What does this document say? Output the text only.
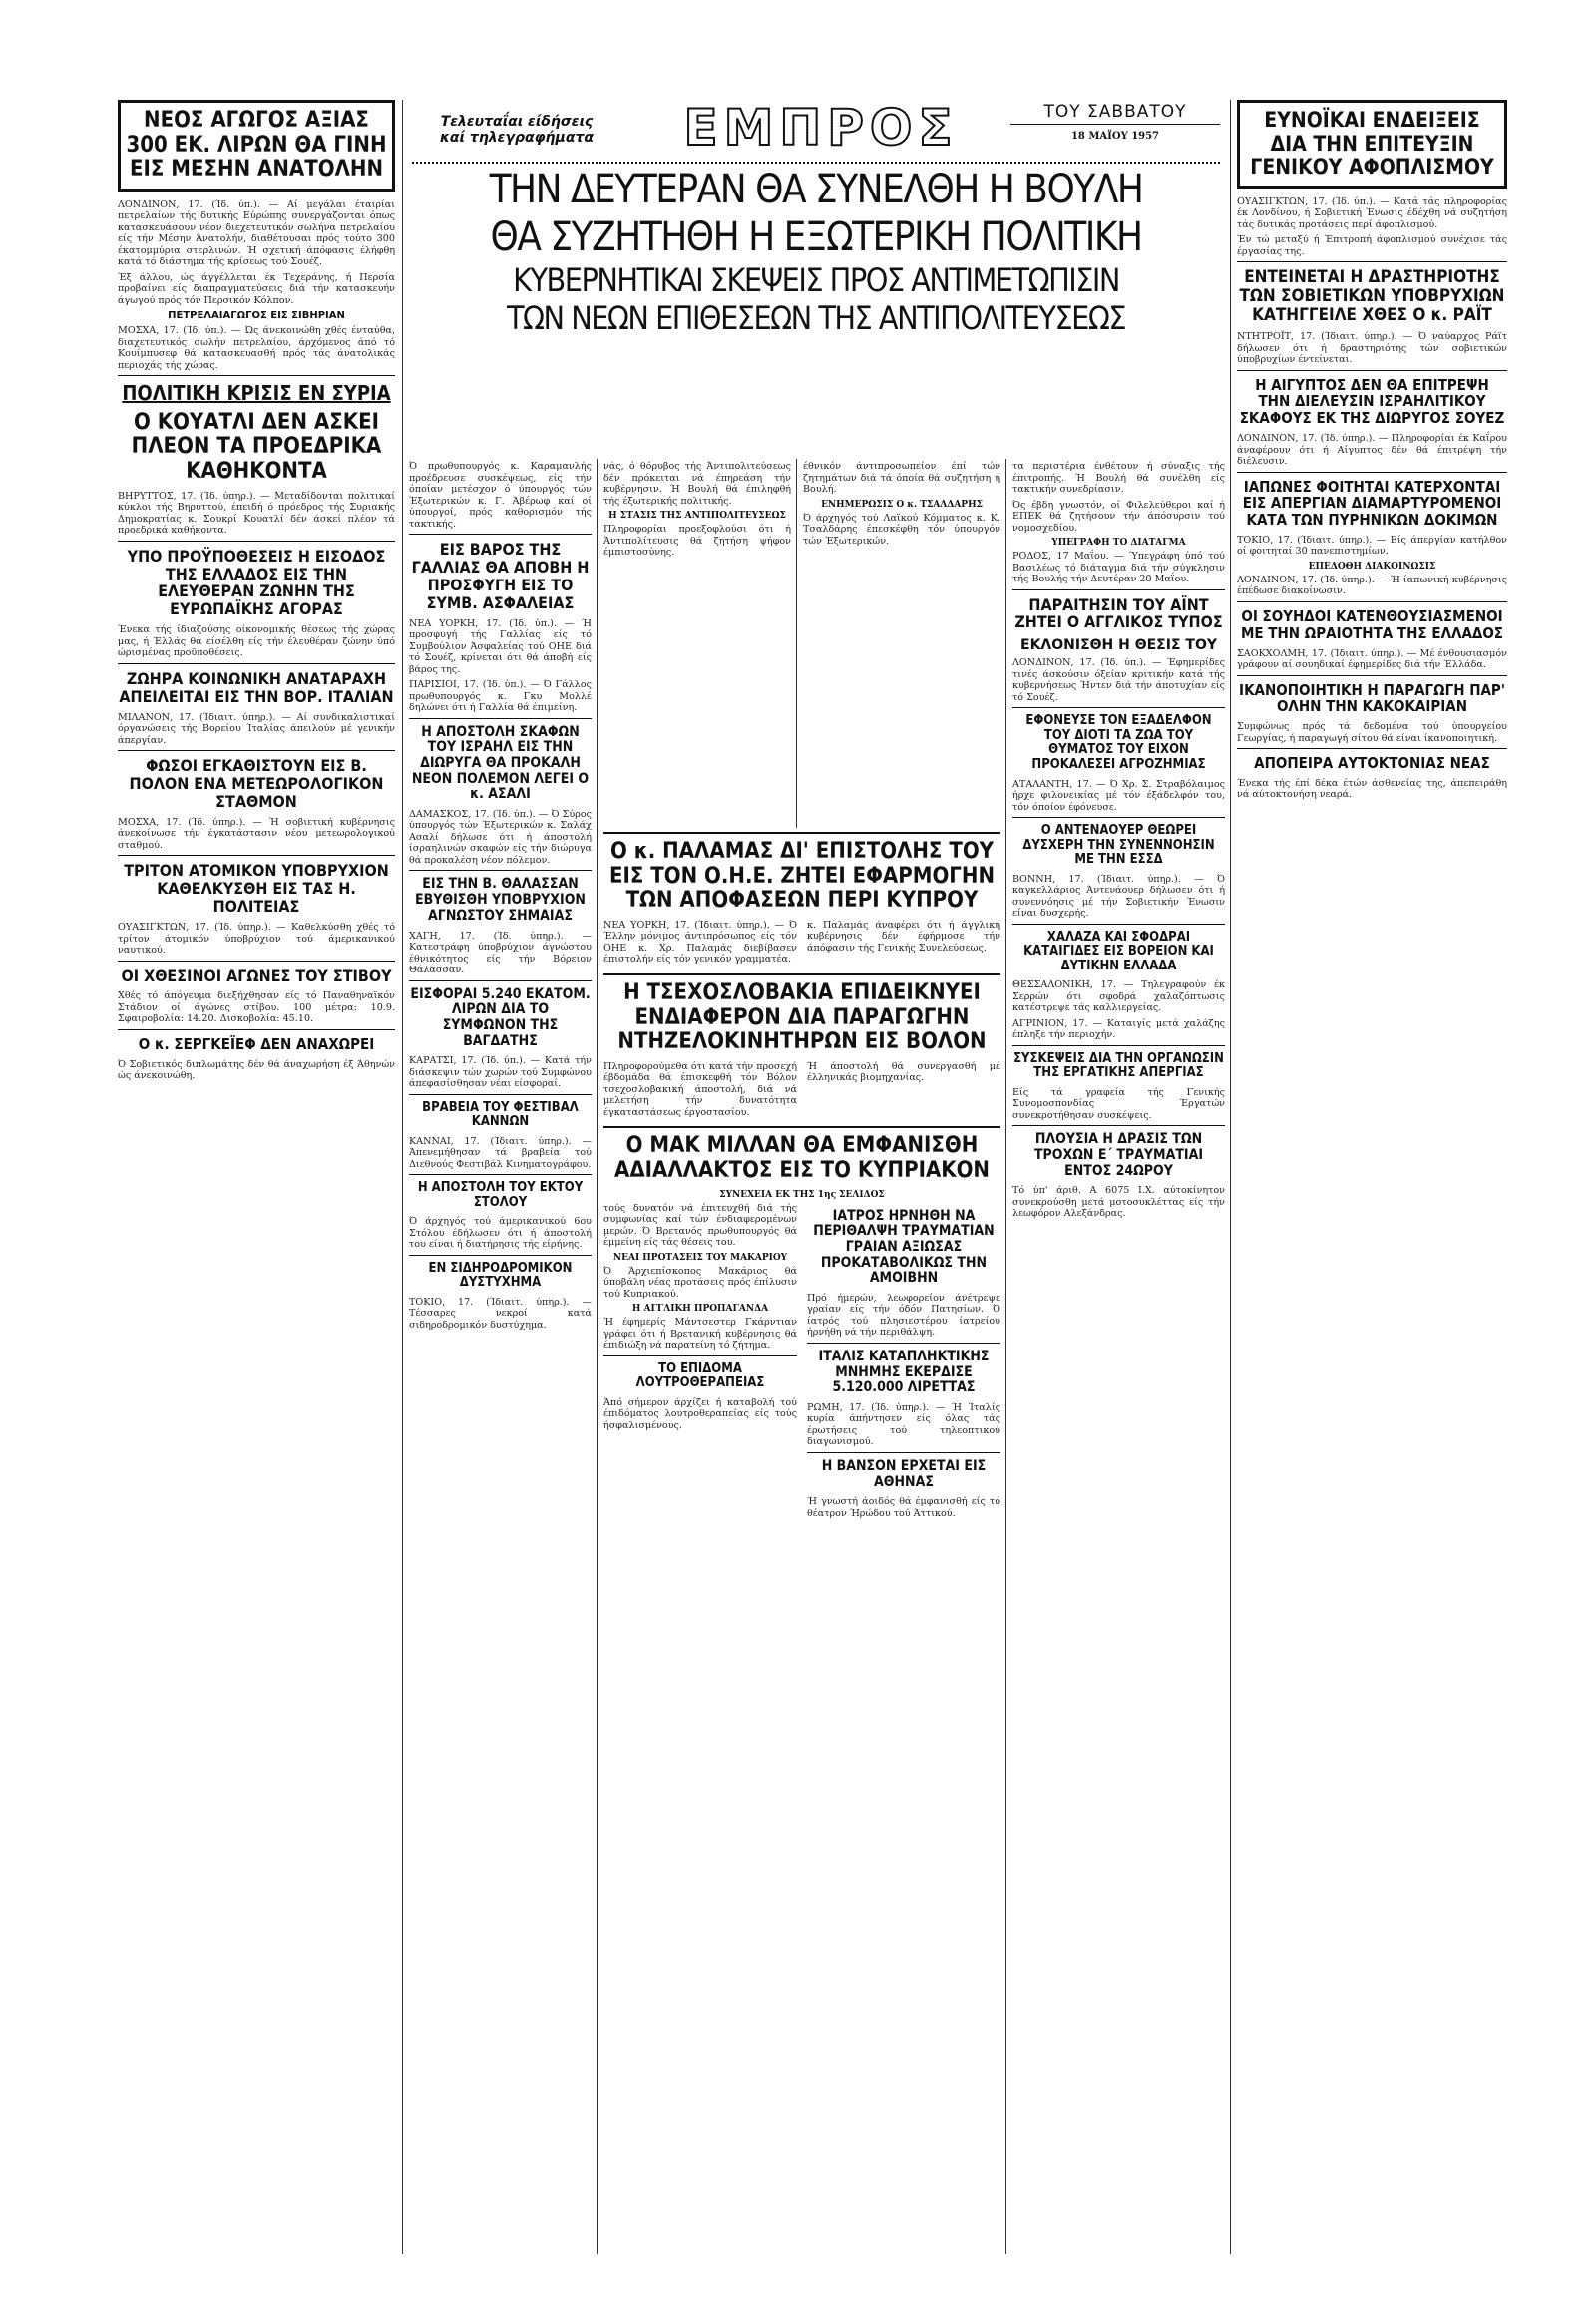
Τελευταΐαι είδήσεις
καί τηλεγραφήματα	ΕΜΠΡΟΣ	ΤΟΥ ΣΑΒΒΑΤΟΥ
18 ΜΑΪΟΥ 1957
ΤΗΝ ΔΕΥΤΕΡΑΝ ΘΑ ΣΥΝΕΛΘΗ Η ΒΟΥΛΗ
ΘΑ ΣΥΖΗΤΗΘΗ Η ΕΞΩΤΕΡΙΚΗ ΠΟΛΙΤΙΚΗ
ΚΥΒΕΡΝΗΤΙΚΑΙ ΣΚΕΨΕΙΣ ΠΡΟΣ ΑΝΤΙΜΕΤΩΠΙΣΙΝ
ΤΩΝ ΝΕΩΝ ΕΠΙΘΕΣΕΩΝ ΤΗΣ ΑΝΤΙΠΟΛΙΤΕΥΣΕΩΣ
ΝΕΟΣ ΑΓΩΓΟΣ ΑΞΙΑΣ 300 ΕΚ. ΛΙΡΩΝ ΘΑ ΓΙΝΗ ΕΙΣ ΜΕΣΗΝ ΑΝΑΤΟΛΗΝ

ΛΟΝΔΙΝΟΝ, 17. (Ίδ. ύπ.). — Αί μεγάλαι έταιρίαι πετρελαίων τής δυτικής Εύρώπης συνεργάζονται όπως κατασκευάσουν νέον διεχετευτικόν σωλήνα πετρελαίου είς τήν Μέσην Άνατολήν, διαθέτουσαι πρός τούτο 300 έκατομμύρια στερλινών. Ή σχετική άπόφασις έλήφθη κατά τό διάστημα τής κρίσεως τού Σουέζ.

Έξ άλλου, ώς άγγέλλεται έκ Τεχεράνης, ή Περσία προβαίνει είς διαπραγματεύσεις διά τήν κατασκευήν άγωγού πρός τόν Περσικόν Κόλπον.

ΠΕΤΡΕΛΑΙΑΓΩΓΟΣ ΕΙΣ ΣΙΒΗΡΙΑΝ

ΜΟΣΧΑ, 17. (Ίδ. ύπ.). — Ώς άνεκοινώθη χθές ένταύθα, διαχετευτικός σωλήν πετρελαίου, άρχόμενος άπό τό Κουίμπυσεφ θά κατασκευασθή πρός τάς άνατολικάς περιοχάς τής χώρας.

ΠΟΛΙΤΙΚΗ ΚΡΙΣΙΣ ΕΝ ΣΥΡΙΑ
Ο ΚΟΥΑΤΛΙ ΔΕΝ ΑΣΚΕΙ ΠΛΕΟΝ ΤΑ ΠΡΟΕΔΡΙΚΑ ΚΑΘΗΚΟΝΤΑ

ΒΗΡΥΤΤΟΣ, 17. (Ίδ. ύπηρ.). — Μεταδίδονται πολιτικαί κύκλοι τής Βηρυττού, έπειδή ό πρόεδρος τής Συριακής Δημοκρατίας κ. Σουκρί Κουατλί δέν άσκεί πλέον τά προεδρικά καθήκοντα.

ΥΠΟ ΠΡΟΫΠΟΘΕΣΕΙΣ Η ΕΙΣΟΔΟΣ ΤΗΣ ΕΛΛΑΔΟΣ ΕΙΣ ΤΗΝ ΕΛΕΥΘΕΡΑΝ ΖΩΝΗΝ ΤΗΣ ΕΥΡΩΠΑΪΚΗΣ ΑΓΟΡΑΣ

Ένεκα τής ίδιαζούσης οίκονομικής θέσεως τής χώρας μας, ή Έλλάς θά είσέλθη είς τήν έλευθέραν ζώνην ύπό ώρισμένας προϋποθέσεις.

ΖΩΗΡΑ ΚΟΙΝΩΝΙΚΗ ΑΝΑΤΑΡΑΧΗ ΑΠΕΙΛΕΙΤΑΙ ΕΙΣ ΤΗΝ ΒΟΡ. ΙΤΑΛΙΑΝ

ΜΙΛΑΝΟΝ, 17. (Ίδιαιτ. ύπηρ.). — Αί συνδικαλιστικαί όργανώσεις τής Βορείου Ίταλίας άπειλούν μέ γενικήν άπεργίαν.

ΦΩΣΟΙ ΕΓΚΑΘΙΣΤΟΥΝ ΕΙΣ Β. ΠΟΛΟΝ ΕΝΑ ΜΕΤΕΩΡΟΛΟΓΙΚΟΝ ΣΤΑΘΜΟΝ

ΜΟΣΧΑ, 17. (Ίδ. ύπηρ.). — Ή σοβιετική κυβέρνησις άνεκοίνωσε τήν έγκατάστασιν νέου μετεωρολογικού σταθμού.

ΤΡΙΤΟΝ ΑΤΟΜΙΚΟΝ ΥΠΟΒΡΥΧΙΟΝ ΚΑΘΕΛΚΥΣΘΗ ΕΙΣ ΤΑΣ Η. ΠΟΛΙΤΕΙΑΣ

ΟΥΑΣΙΓΚΤΩΝ, 17. (Ίδ. ύπηρ.). — Καθελκύσθη χθές τό τρίτον άτομικόν ύποβρύχιον τού άμερικανικού ναυτικού.

ΟΙ ΧΘΕΣΙΝΟΙ ΑΓΩΝΕΣ ΤΟΥ ΣΤΙΒΟΥ

Χθές τό άπόγευμα διεξήχθησαν είς τό Παναθηναϊκόν Στάδιον οί άγώνες στίβου. 100 μέτρα: 10.9. Σφαιροβολία: 14.20. Δισκοβολία: 45.10.

Ο κ. ΣΕΡΓΚΕΪΕΦ ΔΕΝ ΑΝΑΧΩΡΕΙ

Ό Σοβιετικός διπλωμάτης δέν θά άναχωρήση έξ Άθηνών ώς άνεκοινώθη.

Ό πρωθυπουργός κ. Καραμανλής προέδρευσε συσκέψεως, είς τήν όποίαν μετέσχον ό ύπουργός τών Έξωτερικών κ. Γ. Άβέρωφ καί οί ύπουργοί, πρός καθορισμόν τής τακτικής.

ΕΙΣ ΒΑΡΟΣ ΤΗΣ ΓΑΛΛΙΑΣ ΘΑ ΑΠΟΒΗ Η ΠΡΟΣΦΥΓΗ ΕΙΣ ΤΟ ΣΥΜΒ. ΑΣΦΑΛΕΙΑΣ

ΝΕΑ ΥΟΡΚΗ, 17. (Ίδ. ύπ.). — Ή προσφυγή τής Γαλλίας είς τό Συμβούλιον Άσφαλείας τού ΟΗΕ διά τό Σουέζ, κρίνεται ότι θά άποβή είς βάρος της.

ΠΑΡΙΣΙΟΙ, 17. (Ίδ. ύπ.). — Ό Γάλλος πρωθυπουργός κ. Γκυ Μολλέ δηλώνει ότι ή Γαλλία θά έπιμείνη.

Η ΑΠΟΣΤΟΛΗ ΣΚΑΦΩΝ ΤΟΥ ΙΣΡΑΗΛ ΕΙΣ ΤΗΝ ΔΙΩΡΥΓΑ ΘΑ ΠΡΟΚΑΛΗ ΝΕΟΝ ΠΟΛΕΜΟΝ ΛΕΓΕΙ Ο κ. ΑΣΑΛΙ

ΔΑΜΑΣΚΟΣ, 17. (Ίδ. ύπ.). — Ό Σύρος ύπουργός τών Έξωτερικών κ. Σαλάχ Ασαλί δήλωσε ότι ή άποστολή ίσραηλινών σκαφών είς τήν διώρυγα θά προκαλέση νέον πόλεμον.

ΕΙΣ ΤΗΝ Β. ΘΑΛΑΣΣΑΝ ΕΒΥΘΙΣΘΗ ΥΠΟΒΡΥΧΙΟΝ ΑΓΝΩΣΤΟΥ ΣΗΜΑΙΑΣ

ΧΑΓΗ, 17. (Ίδ. ύπηρ.). — Κατεστράφη ύποβρύχιον άγνώστου έθνικότητος είς τήν Βόρειον Θάλασσαν.

ΕΙΣΦΟΡΑΙ 5.240 ΕΚΑΤΟΜ. ΛΙΡΩΝ ΔΙΑ ΤΟ ΣΥΜΦΩΝΟΝ ΤΗΣ ΒΑΓΔΑΤΗΣ

ΚΑΡΑΤΣΙ, 17. (Ίδ. ύπ.). — Κατά τήν διάσκεψιν τών χωρών τού Συμφώνου άπεφασίσθησαν νέαι είσφοραί.

ΒΡΑΒΕΙΑ ΤΟΥ ΦΕΣΤΙΒΑΛ ΚΑΝΝΩΝ

ΚΑΝΝΑΙ, 17. (Ίδιαιτ. ύπηρ.). — Άπενεμήθησαν τά βραβεία τού Διεθνούς Φεστιβάλ Κινηματογράφου.

Η ΑΠΟΣΤΟΛΗ ΤΟΥ ΕΚΤΟΥ ΣΤΟΛΟΥ

Ό άρχηγός τού άμερικανικού 6ου Στόλου έδήλωσεν ότι ή άποστολή του είναι ή διατήρησις τής είρήνης.

ΕΝ ΣΙΔΗΡΟΔΡΟΜΙΚΟΝ ΔΥΣΤΥΧΗΜΑ

ΤΟΚΙΟ, 17. (Ίδιαιτ. ύπηρ.). — Τέσσαρες νεκροί κατά σιδηροδρομικόν δυστύχημα.

νάς, ό θόρυβος τής Άντιπολιτεύσεως δέν πρόκειται νά έπηρεάση τήν κυβέρνησιν. Ή Βουλή θά έπιληφθή τής έξωτερικής πολιτικής.

Η ΣΤΑΣΙΣ ΤΗΣ ΑΝΤΙΠΟΛΙΤΕΥΣΕΩΣ

Πληροφορίαι προεξοφλούσι ότι ή Άντιπολίτευσις θά ζητήση ψήφον έμπιστοσύνης.

έθνικόν άντιπροσωπείον έπί τών ζητημάτων διά τά όποία θά συζητήση ή Βουλή.

ΕΝΗΜΕΡΩΣΙΣ Ο κ. ΤΣΑΛΔΑΡΗΣ

Ό άρχηγός τού Λαϊκού Κόμματος κ. Κ. Τσαλδάρης έπεσκέφθη τόν ύπουργόν τών Έξωτερικών.

Ο κ. ΠΑΛΑΜΑΣ ΔΙ' ΕΠΙΣΤΟΛΗΣ ΤΟΥ ΕΙΣ ΤΟΝ Ο.Η.Ε. ΖΗΤΕΙ ΕΦΑΡΜΟΓΗΝ ΤΩΝ ΑΠΟΦΑΣΕΩΝ ΠΕΡΙ ΚΥΠΡΟΥ

ΝΕΑ ΥΟΡΚΗ, 17. (Ίδιαιτ. ύπηρ.). — Ό Έλλην μόνιμος άντιπρόσωπος είς τόν ΟΗΕ κ. Χρ. Παλαμάς διεβίβασεν έπιστολήν είς τόν γενικόν γραμματέα.

κ. Παλαμάς άναφέρει ότι ή άγγλική κυβέρνησις δέν έφήρμοσε τήν άπόφασιν τής Γενικής Συνελεύσεως.

Η ΤΣΕΧΟΣΛΟΒΑΚΙΑ ΕΠΙΔΕΙΚΝΥΕΙ ΕΝΔΙΑΦΕΡΟΝ ΔΙΑ ΠΑΡΑΓΩΓΗΝ ΝΤΗΖΕΛΟΚΙΝΗΤΗΡΩΝ ΕΙΣ ΒΟΛΟΝ

Πληροφορούμεθα ότι κατά τήν προσεχή έβδομάδα θά έπισκεφθή τόν Βόλον τσεχοσλοβακική άποστολή, διά νά μελετήση τήν δυνατότητα έγκαταστάσεως έργοστασίου.

Ή άποστολή θά συνεργασθή μέ έλληνικάς βιομηχανίας.

Ο ΜΑΚ ΜΙΛΛΑΝ ΘΑ ΕΜΦΑΝΙΣΘΗ ΑΔΙΑΛΛΑΚΤΟΣ ΕΙΣ ΤΟ ΚΥΠΡΙΑΚΟΝ
ΣΥΝΕΧΕΙΑ ΕΚ ΤΗΣ 1ης ΣΕΛΙΔΟΣ

τούς δυνατόν νά έπιτευχθή διά τής συμφωνίας καί τών ένδιαφερομένων μερών. Ό Βρετανός πρωθυπουργός θά έμμείνη είς τάς θέσεις του.

ΝΕΑΙ ΠΡΟΤΑΣΕΙΣ ΤΟΥ ΜΑΚΑΡΙΟΥ

Ό Άρχιεπίσκοπος Μακάριος θά ύποβάλη νέας προτάσεις πρός έπίλυσιν τού Κυπριακού.

Η ΑΓΓΛΙΚΗ ΠΡΟΠΑΓΑΝΔΑ

Ή έφημερίς Μάντσεστερ Γκάρντιαν γράφει ότι ή Βρετανική κυβέρνησις θά έπιδιώξη νά παρατείνη τό ζήτημα.

ΤΟ ΕΠΙΔΟΜΑ ΛΟΥΤΡΟΘΕΡΑΠΕΙΑΣ

Άπό σήμερον άρχίζει ή καταβολή τού έπιδόματος λουτροθεραπείας είς τούς ήσφαλισμένους.

ΙΑΤΡΟΣ ΗΡΝΗΘΗ ΝΑ ΠΕΡΙΘΑΛΨΗ ΤΡΑΥΜΑΤΙΑΝ ΓΡΑΙΑΝ ΑΞΙΩΣΑΣ ΠΡΟΚΑΤΑΒΟΛΙΚΩΣ ΤΗΝ ΑΜΟΙΒΗΝ

Πρό ήμερών, λεωφορείον άνέτρεψε γραίαν είς τήν όδόν Πατησίων. Ό ίατρός τού πλησιεστέρου ίατρείου ήρνήθη νά τήν περιθάλψη.

ΙΤΑΛΙΣ ΚΑΤΑΠΛΗΚΤΙΚΗΣ ΜΝΗΜΗΣ ΕΚΕΡΔΙΣΕ 5.120.000 ΛΙΡΕΤΤΑΣ

ΡΩΜΗ, 17. (Ίδ. ύπηρ.). — Ή Ίταλίς κυρία άπήντησεν είς όλας τάς έρωτήσεις τού τηλεοπτικού διαγωνισμού.

Η ΒΑΝΣΟΝ ΕΡΧΕΤΑΙ ΕΙΣ ΑΘΗΝΑΣ

Ή γνωστή άοιδός θά έμφανισθή είς τό θέατρον Ήρώδου τού Άττικού.

τα περιστέρια ένθέτουν ή σύναξις τής έπιτροπής. Ή Βουλή θά συνέλθη είς τακτικήν συνεδρίασιν.

Ός έβδη γνωστόν, οί Φιλελεύθεροι καί ή ΕΠΕΚ θά ζητήσουν τήν άπόσυρσιν τού νομοσχεδίου.

ΥΠΕΓΡΑΦΗ ΤΟ ΔΙΑΤΑΓΜΑ

ΡΟΔΟΣ, 17 Μαΐου. — Ύπεγράφη ύπό τού Βασιλέως τό διάταγμα διά τήν σύγκλησιν τής Βουλής τήν Δευτέραν 20 Μαΐου.

ΠΑΡΑΙΤΗΣΙΝ ΤΟΥ ΑΪΝΤ ΖΗΤΕΙ Ο ΑΓΓΛΙΚΟΣ ΤΥΠΟΣ
ΕΚΛΟΝΙΣΘΗ Η ΘΕΣΙΣ ΤΟΥ

ΛΟΝΔΙΝΟΝ, 17. (Ίδ. ύπ.). — Έφημερίδες τινές άσκούσιν όξείαν κριτικήν κατά τής κυβερνήσεως Ήντεν διά τήν άποτυχίαν είς τό Σουέζ.

ΕΦΟΝΕΥΣΕ ΤΟΝ ΕΞΑΔΕΛΦΟΝ ΤΟΥ ΔΙΟΤΙ ΤΑ ΖΩΑ ΤΟΥ ΘΥΜΑΤΟΣ ΤΟΥ ΕΙΧΟΝ ΠΡΟΚΑΛΕΣΕΙ ΑΓΡΟΖΗΜΙΑΣ

ΑΤΑΛΑΝΤΗ, 17. — Ό Χρ. Σ. Στραβόλαιμος ήρχε φιλονεικίας μέ τόν έξάδελφόν του, τόν όποίον έφόνευσε.

Ο ΑΝΤΕΝΑΟΥΕΡ ΘΕΩΡΕΙ ΔΥΣΧΕΡΗ ΤΗΝ ΣΥΝΕΝΝΟΗΣΙΝ ΜΕ ΤΗΝ ΕΣΣΔ

ΒΟΝΝΗ, 17. (Ίδιαιτ. ύπηρ.). — Ό καγκελλάριος Άντενάουερ δήλωσεν ότι ή συνεννόησις μέ τήν Σοβιετικήν Ένωσιν είναι δυσχερής.

ΧΑΛΑΖΑ ΚΑΙ ΣΦΟΔΡΑΙ ΚΑΤΑΙΓΙΔΕΣ ΕΙΣ ΒΟΡΕΙΟΝ ΚΑΙ ΔΥΤΙΚΗΝ ΕΛΛΑΔΑ

ΘΕΣΣΑΛΟΝΙΚΗ, 17. — Τηλεγραφούν έκ Σερρών ότι σφοδρά χαλαζόπτωσις κατέστρεψε τάς καλλιεργείας.

ΑΓΡΙΝΙΟΝ, 17. — Καταιγίς μετά χαλάζης έπληξε τήν περιοχήν.

ΣΥΣΚΕΨΕΙΣ ΔΙΑ ΤΗΝ ΟΡΓΑΝΩΣΙΝ ΤΗΣ ΕΡΓΑΤΙΚΗΣ ΑΠΕΡΓΙΑΣ

Είς τά γραφεία τής Γενικής Συνομοσπονδίας Έργατών συνεκροτήθησαν συσκέψεις.

ΠΛΟΥΣΙΑ Η ΔΡΑΣΙΣ ΤΩΝ ΤΡΟΧΩΝ Ε΄ ΤΡΑΥΜΑΤΙΑΙ ΕΝΤΟΣ 24ΩΡΟΥ

Τό ύπ' άριθ. Α 6075 Ι.Χ. αύτοκίνητον συνεκρούσθη μετά μοτοσυκλέττας είς τήν λεωφόρον Αλεξάνδρας.

ΕΥΝΟΪΚΑΙ ΕΝΔΕΙΞΕΙΣ ΔΙΑ ΤΗΝ ΕΠΙΤΕΥΞΙΝ ΓΕΝΙΚΟΥ ΑΦΟΠΛΙΣΜΟΥ

ΟΥΑΣΙΓΚΤΩΝ, 17. (Ίδ. ύπ.). — Κατά τάς πληροφορίας έκ Λονδίνου, ή Σοβιετική Ένωσις έδέχθη νά συζητήση τάς δυτικάς προτάσεις περί άφοπλισμού.

Έν τώ μεταξύ ή Έπιτροπή άφοπλισμού συνέχισε τάς έργασίας της.

ΕΝΤΕΙΝΕΤΑΙ Η ΔΡΑΣΤΗΡΙΟΤΗΣ ΤΩΝ ΣΟΒΙΕΤΙΚΩΝ ΥΠΟΒΡΥΧΙΩΝ ΚΑΤΗΓΓΕΙΛΕ ΧΘΕΣ Ο κ. ΡΑΪΤ

ΝΤΗΤΡΟΪΤ, 17. (Ίδιαιτ. ύπηρ.). — Ό ναύαρχος Ράϊτ δήλωσεν ότι ή δραστηριότης τών σοβιετικών ύποβρυχίων έντείνεται.

Η ΑΙΓΥΠΤΟΣ ΔΕΝ ΘΑ ΕΠΙΤΡΕΨΗ ΤΗΝ ΔΙΕΛΕΥΣΙΝ ΙΣΡΑΗΛΙΤΙΚΟΥ ΣΚΑΦΟΥΣ ΕΚ ΤΗΣ ΔΙΩΡΥΓΟΣ ΣΟΥΕΖ

ΛΟΝΔΙΝΟΝ, 17. (Ίδ. ύπηρ.). — Πληροφορίαι έκ Καΐρου άναφέρουν ότι ή Αίγυπτος δέν θά έπιτρέψη τήν διέλευσιν.

ΙΑΠΩΝΕΣ ΦΟΙΤΗΤΑΙ ΚΑΤΕΡΧΟΝΤΑΙ ΕΙΣ ΑΠΕΡΓΙΑΝ ΔΙΑΜΑΡΤΥΡΟΜΕΝΟΙ ΚΑΤΑ ΤΩΝ ΠΥΡΗΝΙΚΩΝ ΔΟΚΙΜΩΝ

ΤΟΚΙΟ, 17. (Ίδιαιτ. ύπηρ.). — Είς άπεργίαν κατήλθον οί φοιτηταί 30 πανεπιστημίων.

ΕΠΕΔΟΘΗ ΔΙΑΚΟΙΝΩΣΙΣ

ΛΟΝΔΙΝΟΝ, 17. (Ίδ. ύπηρ.). — Ή ίαπωνική κυβέρνησις έπέδωσε διακοίνωσιν.

ΟΙ ΣΟΥΗΔΟΙ ΚΑΤΕΝΘΟΥΣΙΑΣΜΕΝΟΙ ΜΕ ΤΗΝ ΩΡΑΙΟΤΗΤΑ ΤΗΣ ΕΛΛΑΔΟΣ

ΣΑΟΚΧΟΛΜΗ, 17. (Ίδιαιτ. ύπηρ.). — Μέ ένθουσιασμόν γράφουν αί σουηδικαί έφημερίδες διά τήν Έλλάδα.

ΙΚΑΝΟΠΟΙΗΤΙΚΗ Η ΠΑΡΑΓΩΓΗ ΠΑΡ' ΟΛΗΝ ΤΗΝ ΚΑΚΟΚΑΙΡΙΑΝ

Συμφώνως πρός τά δεδομένα τού ύπουργείου Γεωργίας, ή παραγωγή σίτου θά είναι ίκανοποιητική.

ΑΠΟΠΕΙΡΑ ΑΥΤΟΚΤΟΝΙΑΣ ΝΕΑΣ

Ένεκα τής έπί δέκα έτών άσθενείας της, άπεπειράθη νά αύτοκτονήση νεαρά.
